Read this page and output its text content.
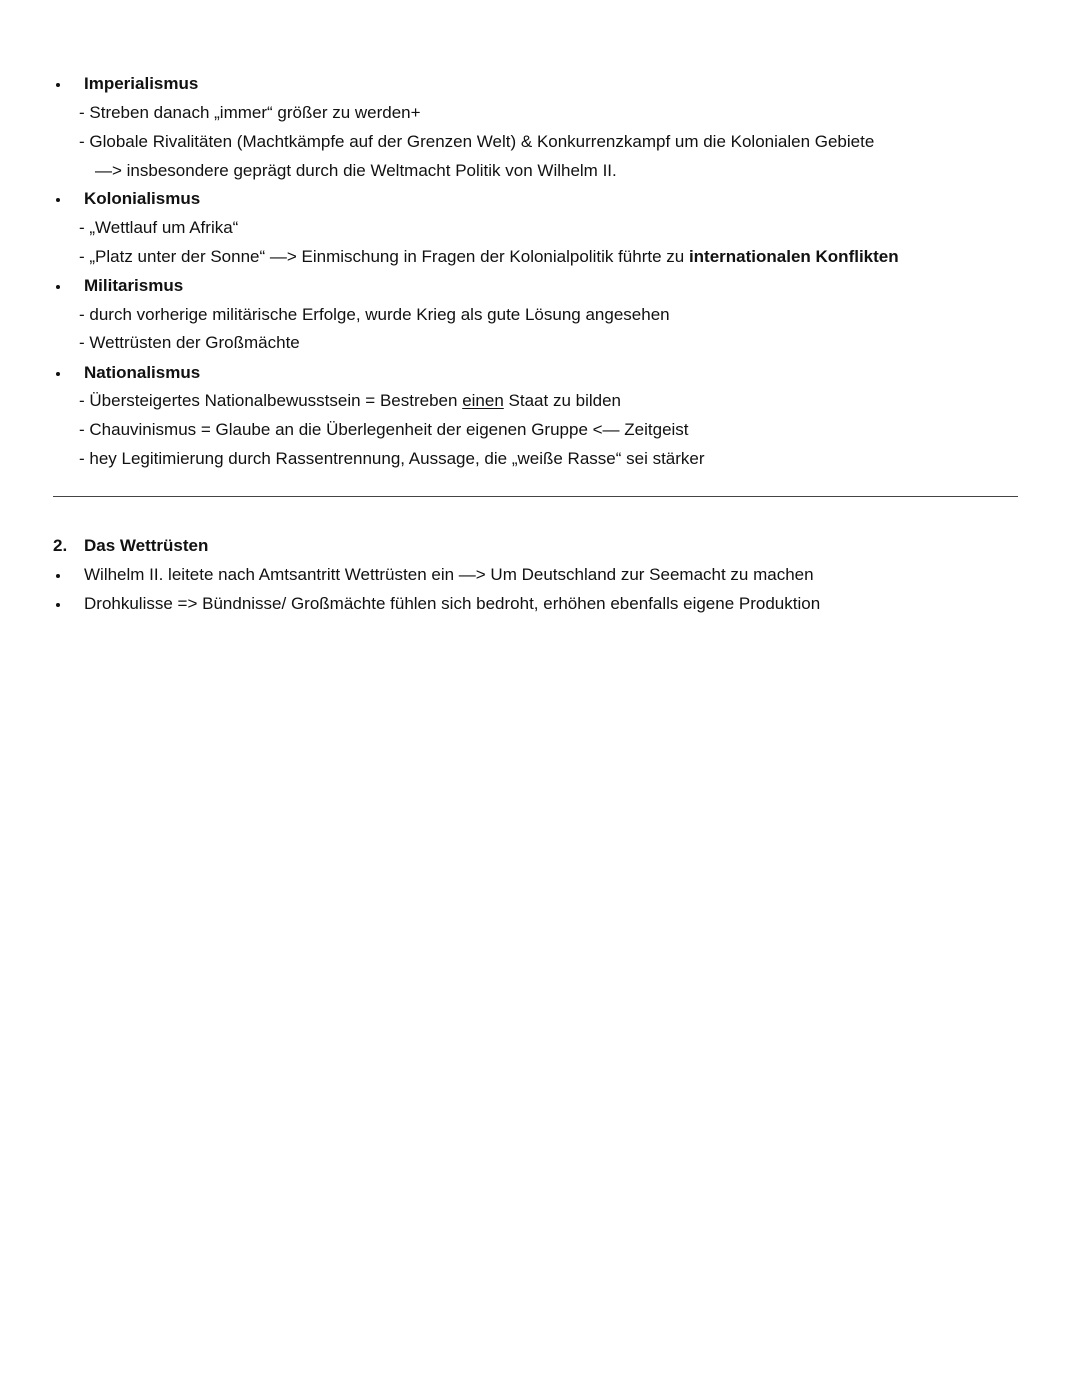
Imperialismus
- Streben danach „immer“ größer zu werden+
- Globale Rivalitäten (Machtkämpfe auf der Grenzen Welt) & Konkurrenzkampf um die Kolonialen Gebiete
—> insbesondere geprägt durch die Weltmacht Politik von Wilhelm II.
Kolonialismus
- „Wettlauf um Afrika“
- „Platz unter der Sonne“ —> Einmischung in Fragen der Kolonialpolitik führte zu internationalen Konflikten
Militarismus
- durch vorherige militärische Erfolge, wurde Krieg als gute Lösung angesehen
- Wettrüsten der Großmächte
Nationalismus
- Übersteigertes Nationalbewusstsein = Bestreben einen Staat zu bilden
- Chauvinismus = Glaube an die Überlegenheit der eigenen Gruppe <— Zeitgeist
- hey Legitimierung durch Rassentrennung, Aussage, die „weiße Rasse“ sei stärker
2. Das Wettrüsten
Wilhelm II. leitete nach Amtsantritt Wettrüsten ein —> Um Deutschland zur Seemacht zu machen
Drohkulisse => Bündnisse/ Großmächte fühlen sich bedroht, erhöhen ebenfalls eigene Produktion
